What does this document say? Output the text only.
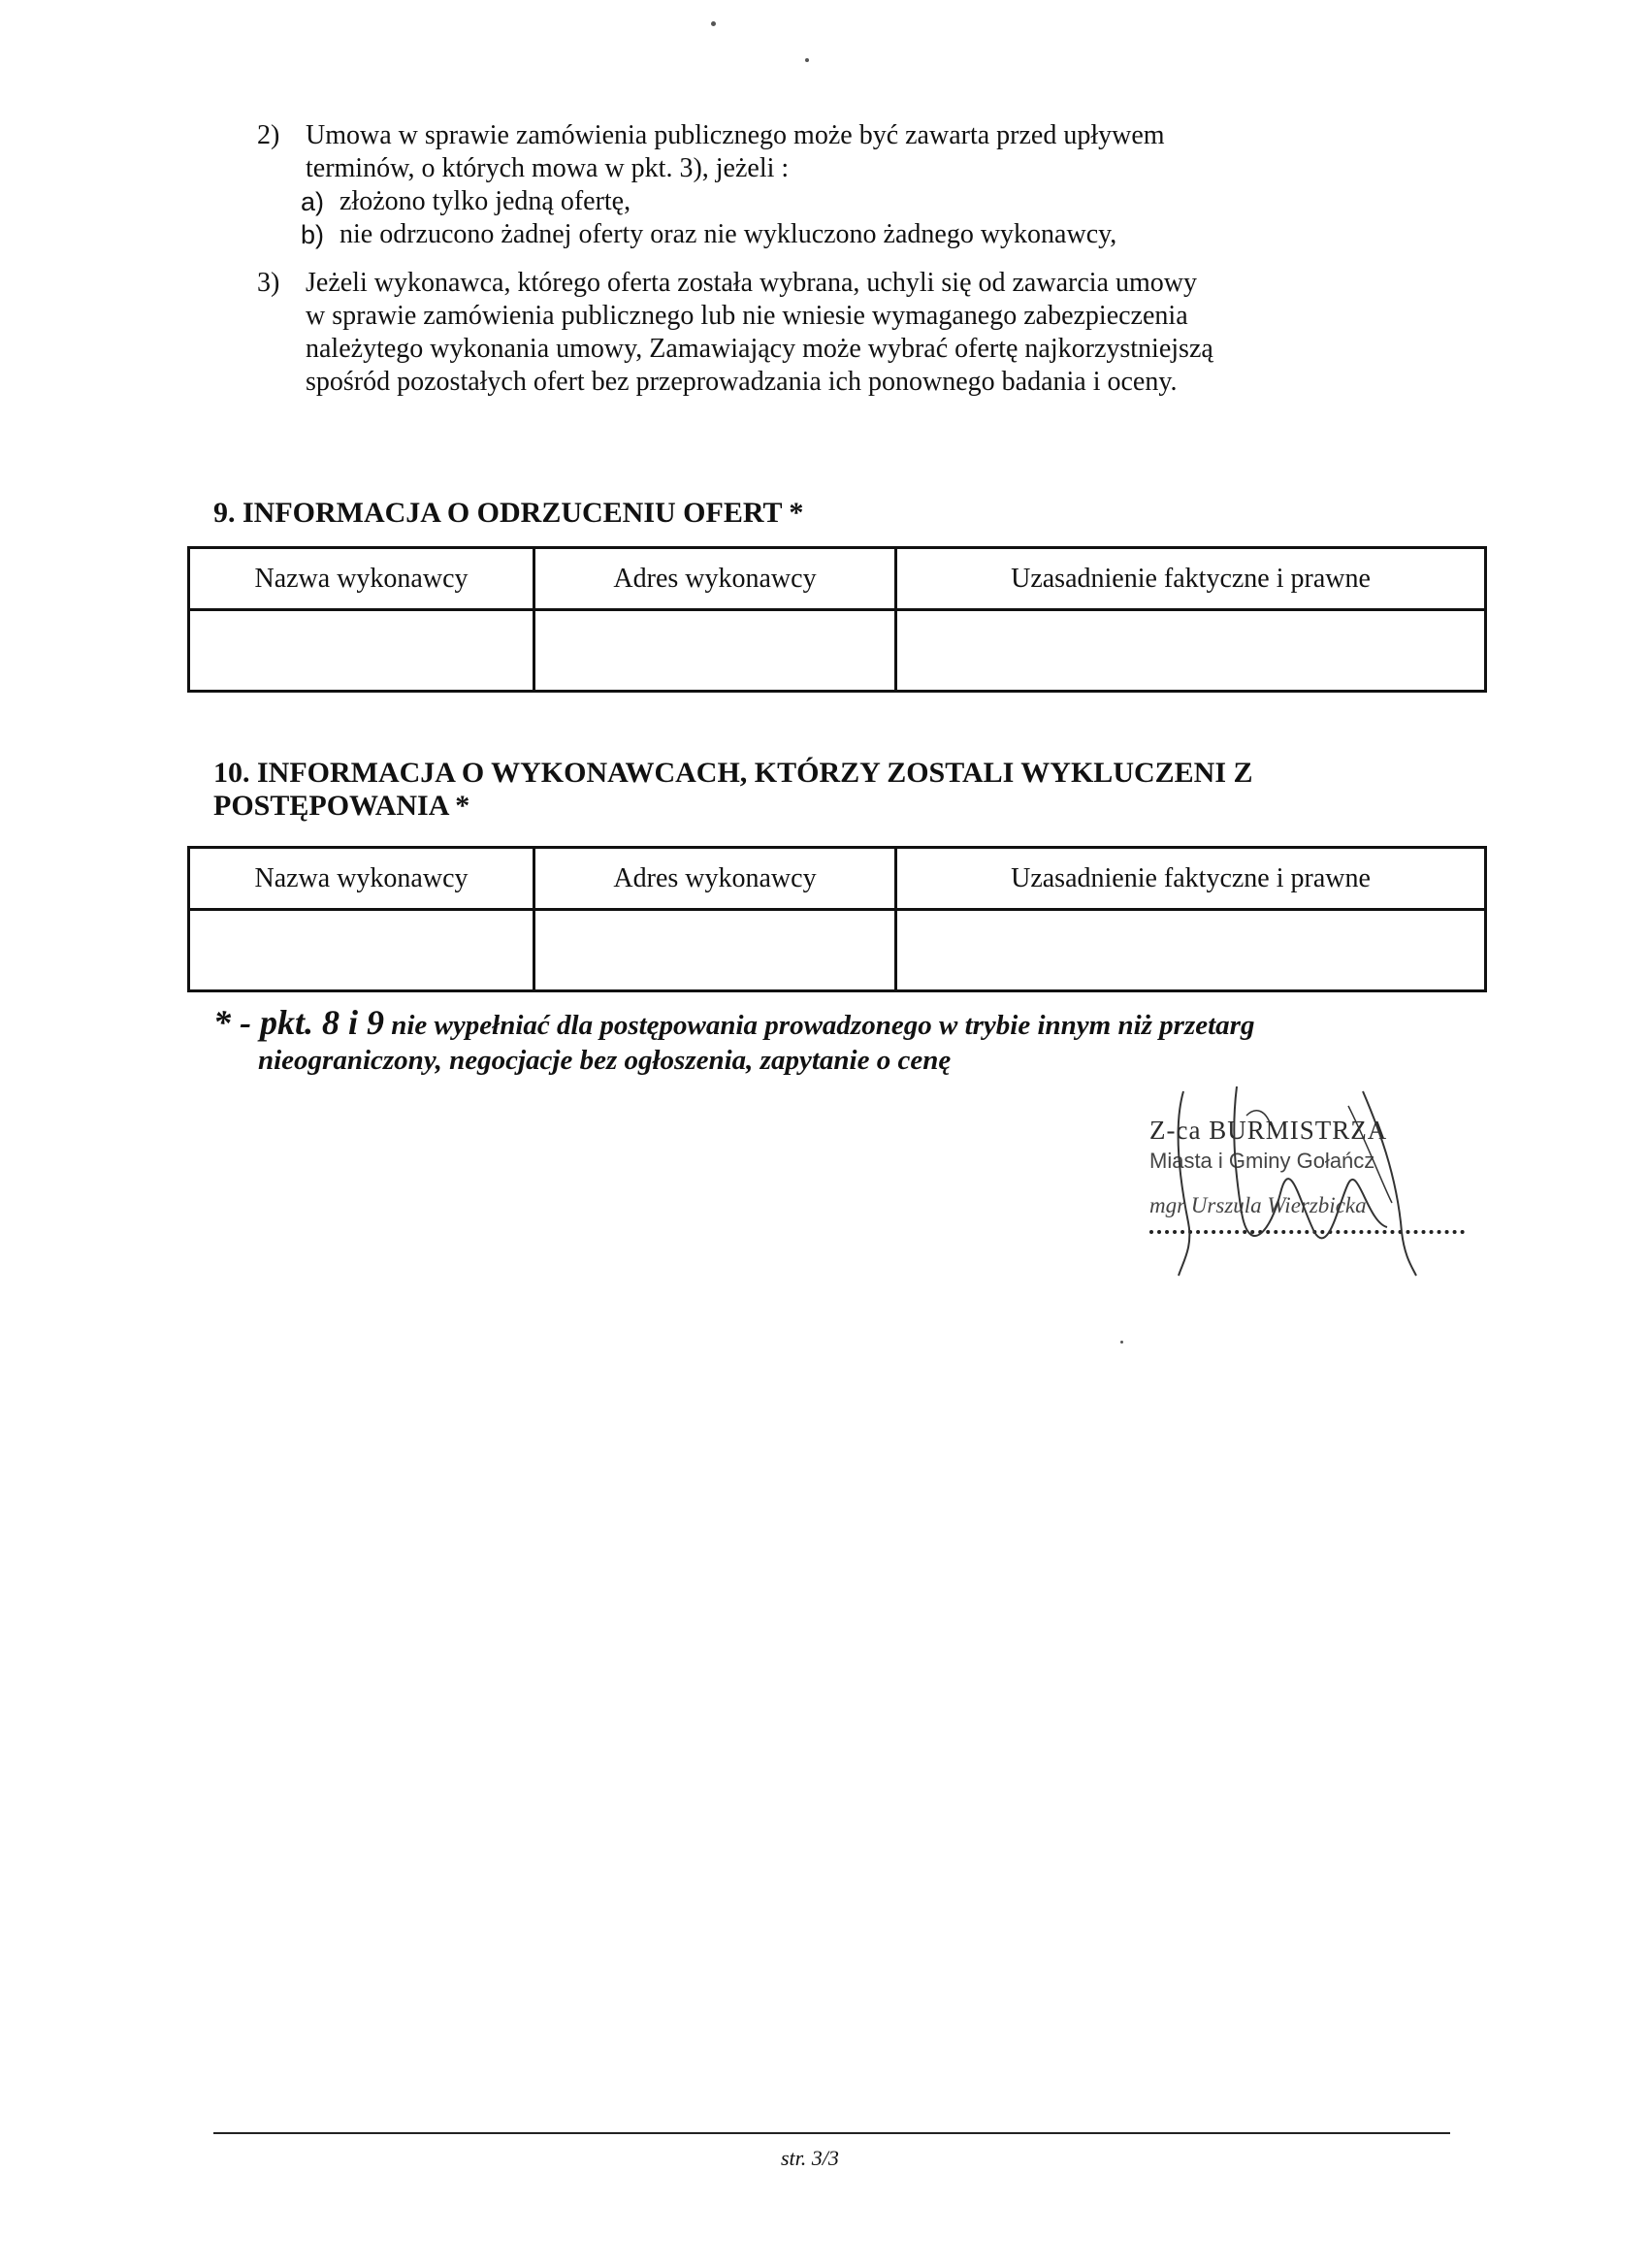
2) Umowa w sprawie zamówienia publicznego może być zawarta przed upływem
terminów, o których mowa w pkt. 3), jeżeli :
a) złożono tylko jedną ofertę,
b) nie odrzucono żadnej oferty oraz nie wykluczono żadnego wykonawcy,
3) Jeżeli wykonawca, którego oferta została wybrana, uchyli się od zawarcia umowy
w sprawie zamówienia publicznego lub nie wniesie wymaganego zabezpieczenia
należytego wykonania umowy, Zamawiający może wybrać ofertę najkorzystniejszą
spośród pozostałych ofert bez przeprowadzania ich ponownego badania i oceny.
9. INFORMACJA O ODRZUCENIU OFERT *
Nazwa wykonawcy	Adres wykonawcy	Uzasadnienie faktyczne i prawne

10. INFORMACJA O WYKONAWCACH, KTÓRZY ZOSTALI WYKLUCZENI Z
POSTĘPOWANIA *
Nazwa wykonawcy	Adres wykonawcy	Uzasadnienie faktyczne i prawne

* - pkt. 8 i 9 nie wypełniać dla postępowania prowadzonego w trybie innym niż przetarg
nieograniczony, negocjacje bez ogłoszenia, zapytanie o cenę
Z-ca BURMISTRZA
Miasta i Gminy Gołańcz
mgr Urszula Wierzbicka
str. 3/3
